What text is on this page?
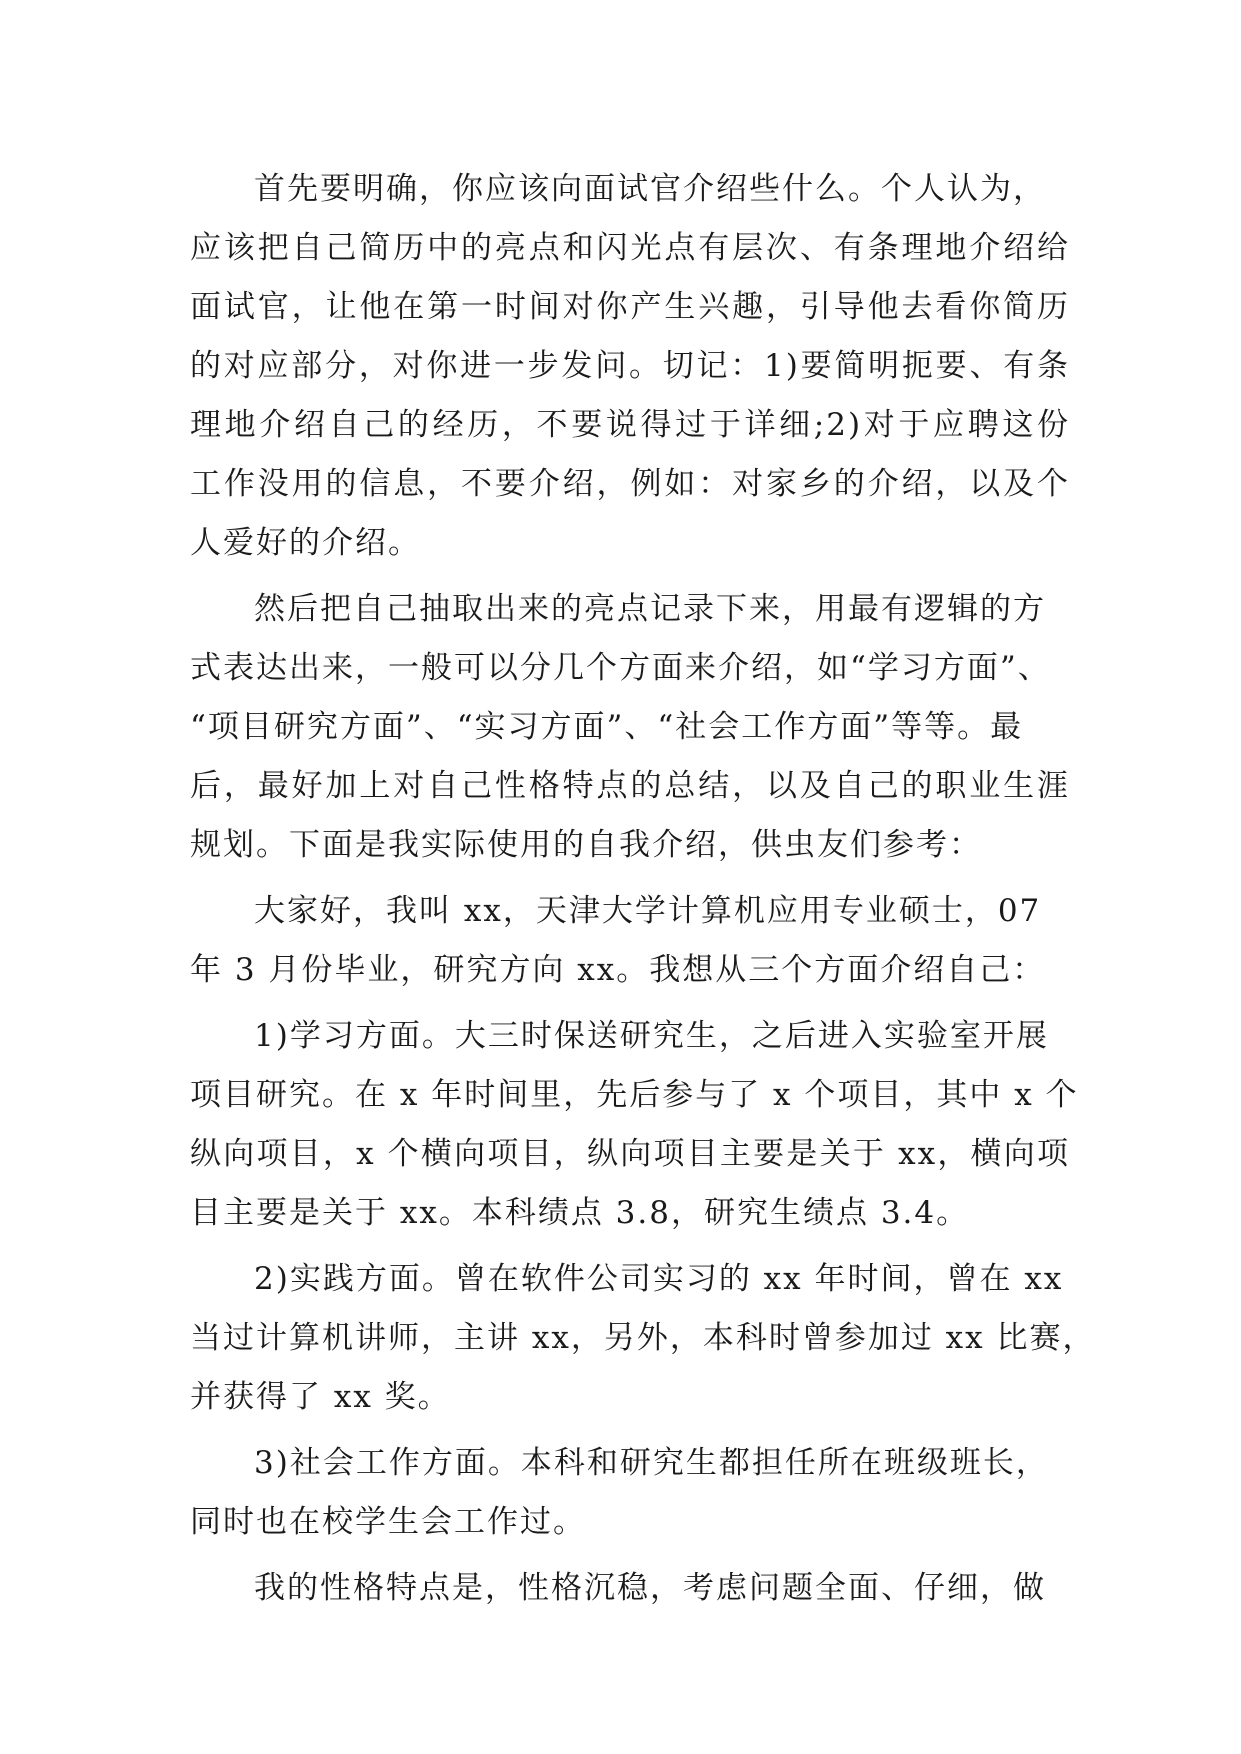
首先要明确，你应该向面试官介绍些什么。个人认为，
应该把自己简历中的亮点和闪光点有层次、有条理地介绍给
面试官，让他在第一时间对你产生兴趣，引导他去看你简历
的对应部分，对你进一步发问。切记：1)要简明扼要、有条
理地介绍自己的经历，不要说得过于详细;2)对于应聘这份
工作没用的信息，不要介绍，例如：对家乡的介绍，以及个
人爱好的介绍。
然后把自己抽取出来的亮点记录下来，用最有逻辑的方
式表达出来，一般可以分几个方面来介绍，如“学习方面”、
“项目研究方面”、“实习方面”、“社会工作方面”等等。最
后，最好加上对自己性格特点的总结，以及自己的职业生涯
规划。下面是我实际使用的自我介绍，供虫友们参考：
大家好，我叫 xx，天津大学计算机应用专业硕士，07
年 3 月份毕业，研究方向 xx。我想从三个方面介绍自己：
1)学习方面。大三时保送研究生，之后进入实验室开展
项目研究。在 x 年时间里，先后参与了 x 个项目，其中 x 个
纵向项目，x 个横向项目，纵向项目主要是关于 xx，横向项
目主要是关于 xx。本科绩点 3.8，研究生绩点 3.4。
2)实践方面。曾在软件公司实习的 xx 年时间，曾在 xx
当过计算机讲师，主讲 xx，另外，本科时曾参加过 xx 比赛，
并获得了 xx 奖。
3)社会工作方面。本科和研究生都担任所在班级班长，
同时也在校学生会工作过。
我的性格特点是，性格沉稳，考虑问题全面、仔细，做
